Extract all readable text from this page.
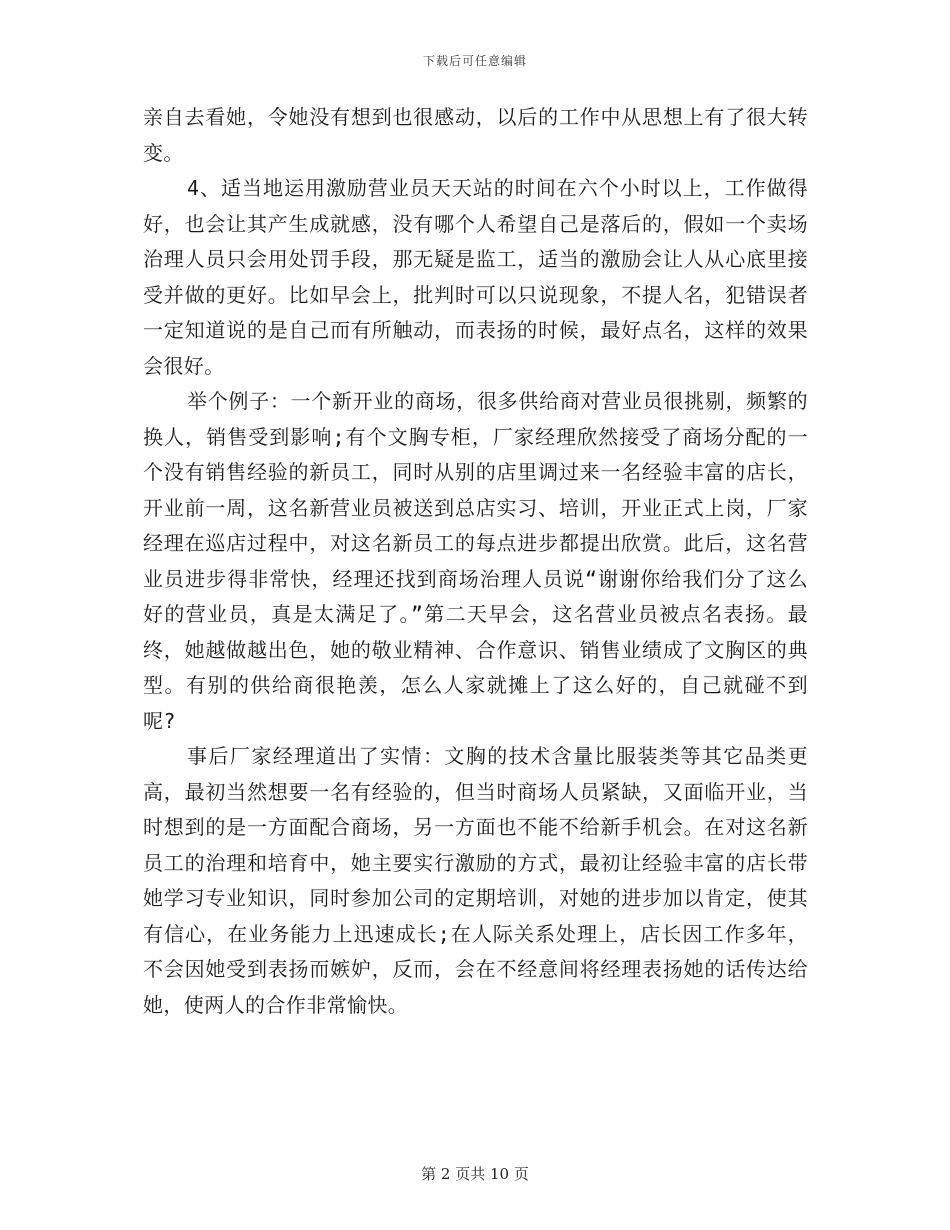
下载后可任意编辑

亲自去看她，令她没有想到也很感动，以后的工作中从思想上有了很大转变。

4、适当地运用激励营业员天天站的时间在六个小时以上，工作做得好，也会让其产生成就感，没有哪个人希望自己是落后的，假如一个卖场治理人员只会用处罚手段，那无疑是监工，适当的激励会让人从心底里接受并做的更好。比如早会上，批判时可以只说现象，不提人名，犯错误者一定知道说的是自己而有所触动，而表扬的时候，最好点名，这样的效果会很好。

举个例子：一个新开业的商场，很多供给商对营业员很挑剔，频繁的换人，销售受到影响;有个文胸专柜，厂家经理欣然接受了商场分配的一个没有销售经验的新员工，同时从别的店里调过来一名经验丰富的店长，开业前一周，这名新营业员被送到总店实习、培训，开业正式上岗，厂家经理在巡店过程中，对这名新员工的每点进步都提出欣赏。此后，这名营业员进步得非常快，经理还找到商场治理人员说“谢谢你给我们分了这么好的营业员，真是太满足了。”第二天早会，这名营业员被点名表扬。最终，她越做越出色，她的敬业精神、合作意识、销售业绩成了文胸区的典型。有别的供给商很艳羡，怎么人家就摊上了这么好的，自己就碰不到呢?

事后厂家经理道出了实情：文胸的技术含量比服装类等其它品类更高，最初当然想要一名有经验的，但当时商场人员紧缺，又面临开业，当时想到的是一方面配合商场，另一方面也不能不给新手机会。在对这名新员工的治理和培育中，她主要实行激励的方式，最初让经验丰富的店长带她学习专业知识，同时参加公司的定期培训，对她的进步加以肯定，使其有信心，在业务能力上迅速成长;在人际关系处理上，店长因工作多年，不会因她受到表扬而嫉妒，反而，会在不经意间将经理表扬她的话传达给她，使两人的合作非常愉快。

第 2 页共 10 页
